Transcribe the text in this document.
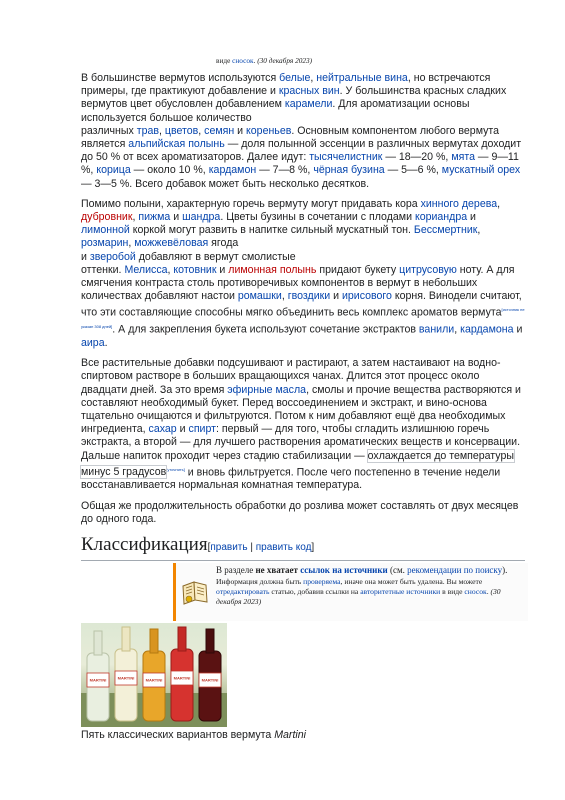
виде сносок. (30 декабря 2023)

В большинстве вермутов используются белые, нейтральные вина, но встречаются примеры, где практикуют добавление и красных вин. У большинства красных сладких вермутов цвет обусловлен добавлением карамели. Для ароматизации основы используется большое количество
различных трав, цветов, семян и кореньев. Основным компонентом любого вермута является альпийская полынь — доля полынной эссенции в различных вермутах доходит до 50 % от всех ароматизаторов. Далее идут: тысячелистник — 18—20 %, мята — 9—11 %, корица — около 10 %, кардамон — 7—8 %, чёрная бузина — 5—6 %, мускатный орех — 3—5 %. Всего добавок может быть несколько десятков.

Помимо полыни, характерную горечь вермуту могут придавать кора хинного дерева, дубровник, пижма и шандра. Цветы бузины в сочетании с плодами кориандра и лимонной коркой могут развить в напитке сильный мускатный тон. Бессмертник, розмарин, можжевёловая ягода
и зверобой добавляют в вермут смолистые
оттенки. Мелисса, котовник и лимонная полынь придают букету цитрусовую ноту. А для смягчения контраста столь противоречивых компонентов в вермут в небольших количествах добавляют настои ромашки, гвоздики и ирисового корня. Винодели считают, что эти составляющие способны мягко объединить весь комплекс ароматов вермута[источник не указан 308 дней]. А для закрепления букета используют сочетание экстрактов ванили, кардамона и аира.

Все растительные добавки подсушивают и растирают, а затем настаивают на водно-спиртовом растворе в больших вращающихся чанах. Длится этот процесс около двадцати дней. За это время эфирные масла, смолы и прочие вещества растворяются и составляют необходимый букет. Перед воссоединением и экстракт, и вино-основа тщательно очищаются и фильтруются. Потом к ним добавляют ещё два необходимых ингредиента, сахар и спирт: первый — для того, чтобы сгладить излишнюю горечь экстракта, а второй — для лучшего растворения ароматических веществ и консервации. Дальше напиток проходит через стадию стабилизации — охлаждается до температуры минус 5 градусов[уточнить] и вновь фильтруется. После чего постепенно в течение недели восстанавливается нормальная комнатная температура.

Общая же продолжительность обработки до розлива может составлять от двух месяцев до одного года.

Классификация[править | править код]
В разделе не хватает ссылок на источники (см. рекомендации по поиску).
Информация должна быть проверяема, иначе она может быть удалена. Вы можете отредактировать статью, добавив ссылки на авторитетные источники в виде сносок. (30 декабря 2023)
MARTINI	MARTINI	MARTINI	MARTINI	MARTINI
Пять классических вариантов вермута Martini
